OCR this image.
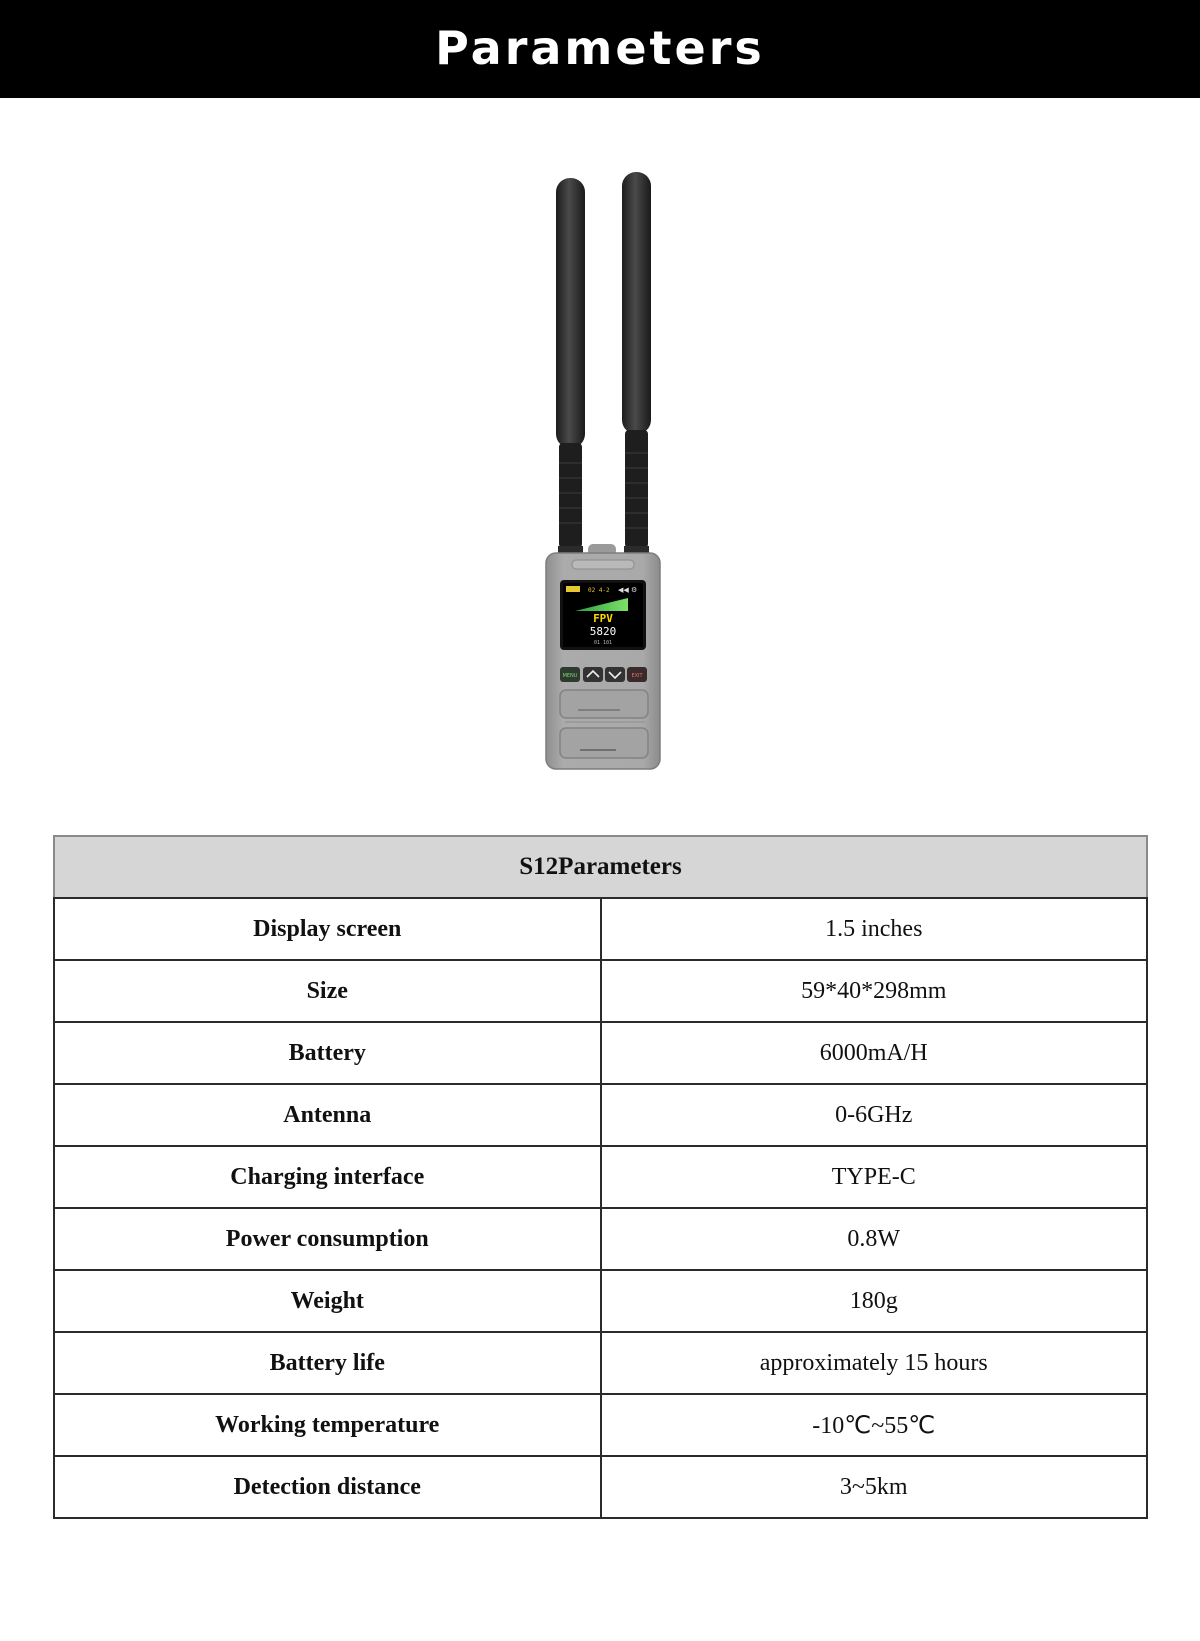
Parameters
02 4-2 ◀◀ ⚙
FPV
5820
01 101
MENU	EXIT
S12Parameters	
Display screen	1.5 inches
Size	59*40*298mm
Battery	6000mA/H
Antenna	0-6GHz
Charging interface	TYPE-C
Power consumption	0.8W
Weight	180g
Battery life	approximately 15 hours
Working temperature	-10℃~55℃
Detection distance	3~5km
